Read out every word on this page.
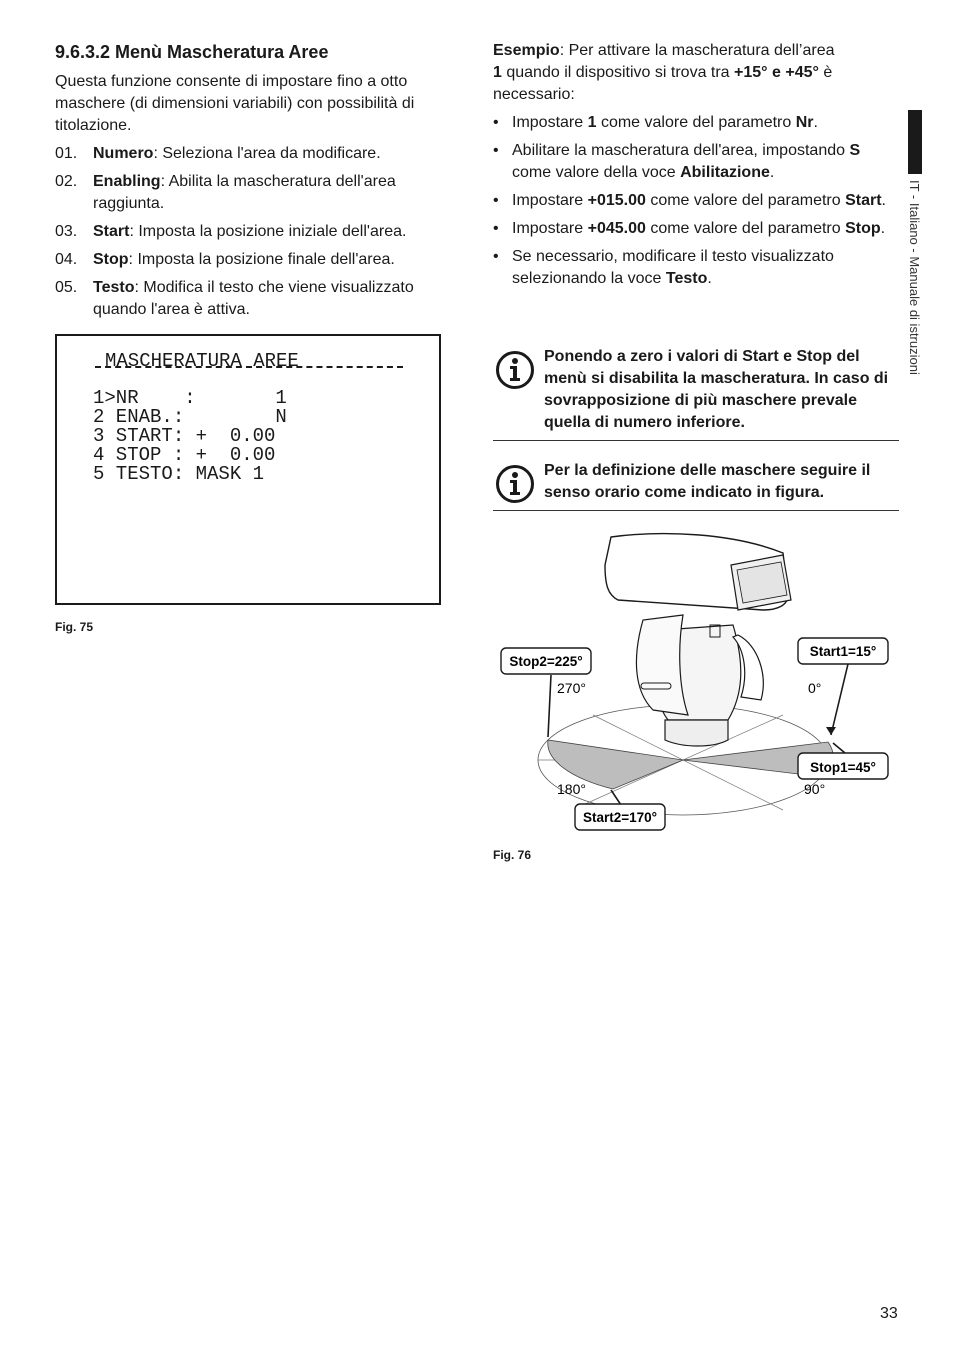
9.6.3.2 Menù Mascheratura Aree

Questa funzione consente di impostare fino a otto maschere (di dimensioni variabili) con possibilità di titolazione.

01. Numero: Seleziona l'area da modificare.
02. Enabling: Abilita la mascheratura dell'area raggiunta.
03. Start: Imposta la posizione iniziale dell'area.
04. Stop: Imposta la posizione finale dell'area.
05. Testo: Modifica il testo che viene visualizzato quando l'area è attiva.
MASCHERATURA AREE
1>NR    :       1
2 ENAB.:        N
3 START: +  0.00
4 STOP : +  0.00
5 TESTO: MASK 1
Fig. 75

Esempio: Per attivare la mascheratura dell’area
1 quando il dispositivo si trova tra +15° e +45° è necessario:

• Impostare 1 come valore del parametro Nr.
• Abilitare la mascheratura dell'area, impostando S come valore della voce Abilitazione.
• Impostare +015.00 come valore del parametro Start.
• Impostare +045.00 come valore del parametro Stop.
• Se necessario, modificare il testo visualizzato selezionando la voce Testo.
Ponendo a zero i valori di Start e Stop del menù si disabilita la mascheratura. In caso di sovrapposizione di più maschere prevale quella di numero inferiore.
Per la definizione delle maschere seguire il senso orario come indicato in figura.
Stop2=225°
Start1=15°
Stop1=45°
Start2=170°
270°	0°
180°	90°
Fig. 76
IT - Italiano - Manuale di istruzioni
33
